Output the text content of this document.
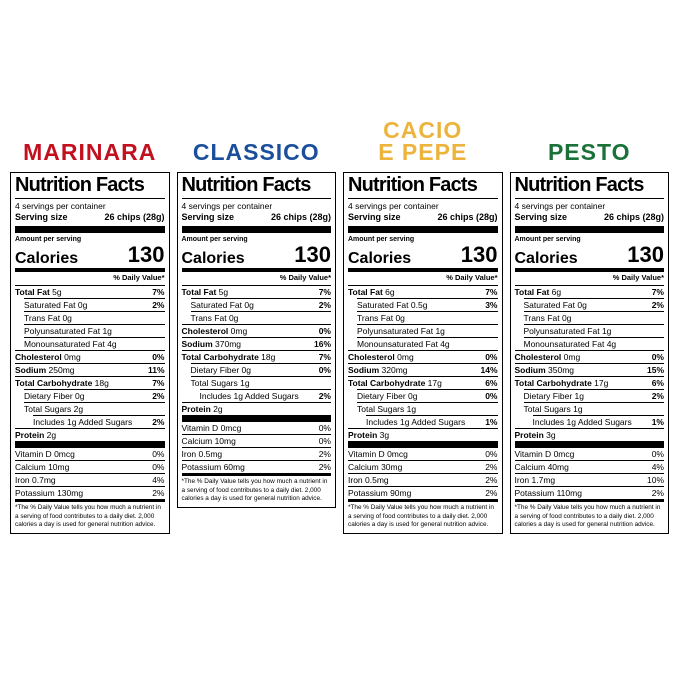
MARINARA
Nutrition Facts
4 servings per container
Serving size	26 chips (28g)
Amount per serving
Calories 130
% Daily Value*
Total Fat 5g	7%
Saturated Fat 0g	2%
Trans Fat 0g
Polyunsaturated Fat 1g
Monounsaturated Fat 4g
Cholesterol 0mg	0%
Sodium 250mg	11%
Total Carbohydrate 18g	7%
Dietary Fiber 0g	2%
Total Sugars 2g
Includes 1g Added Sugars 2%
Protein 2g
Vitamin D 0mcg	0%
Calcium 10mg	0%
Iron 0.7mg	4%
Potassium 130mg	2%
*The % Daily Value tells you how much a nutrient in a serving of food contributes to a daily diet. 2,000 calories a day is used for general nutrition advice.
CLASSICO
Nutrition Facts
4 servings per container
Serving size	26 chips (28g)
Amount per serving
Calories 130
% Daily Value*
Total Fat 5g	7%
Saturated Fat 0g	2%
Trans Fat 0g
Cholesterol 0mg	0%
Sodium 370mg	16%
Total Carbohydrate 18g	7%
Dietary Fiber 0g	0%
Total Sugars 1g
Includes 1g Added Sugars 2%
Protein 2g
Vitamin D 0mcg	0%
Calcium 10mg	0%
Iron 0.5mg	2%
Potassium 60mg	2%
*The % Daily Value tells you how much a nutrient in a serving of food contributes to a daily diet. 2,000 calories a day is used for general nutrition advice.
CACIO
E PEPE
Nutrition Facts
4 servings per container
Serving size	26 chips (28g)
Amount per serving
Calories 130
% Daily Value*
Total Fat 6g	7%
Saturated Fat 0.5g	3%
Trans Fat 0g
Polyunsaturated Fat 1g
Monounsaturated Fat 4g
Cholesterol 0mg	0%
Sodium 320mg	14%
Total Carbohydrate 17g	6%
Dietary Fiber 0g	0%
Total Sugars 1g
Includes 1g Added Sugars 1%
Protein 3g
Vitamin D 0mcg	0%
Calcium 30mg	2%
Iron 0.5mg	2%
Potassium 90mg	2%
*The % Daily Value tells you how much a nutrient in a serving of food contributes to a daily diet. 2,000 calories a day is used for general nutrition advice.
PESTO
Nutrition Facts
4 servings per container
Serving size	26 chips (28g)
Amount per serving
Calories 130
% Daily Value*
Total Fat 6g	7%
Saturated Fat 0g	2%
Trans Fat 0g
Polyunsaturated Fat 1g
Monounsaturated Fat 4g
Cholesterol 0mg	0%
Sodium 350mg	15%
Total Carbohydrate 17g	6%
Dietary Fiber 1g	2%
Total Sugars 1g
Includes 1g Added Sugars 1%
Protein 3g
Vitamin D 0mcg	0%
Calcium 40mg	4%
Iron 1.7mg	10%
Potassium 110mg	2%
*The % Daily Value tells you how much a nutrient in a serving of food contributes to a daily diet. 2,000 calories a day is used for general nutrition advice.
